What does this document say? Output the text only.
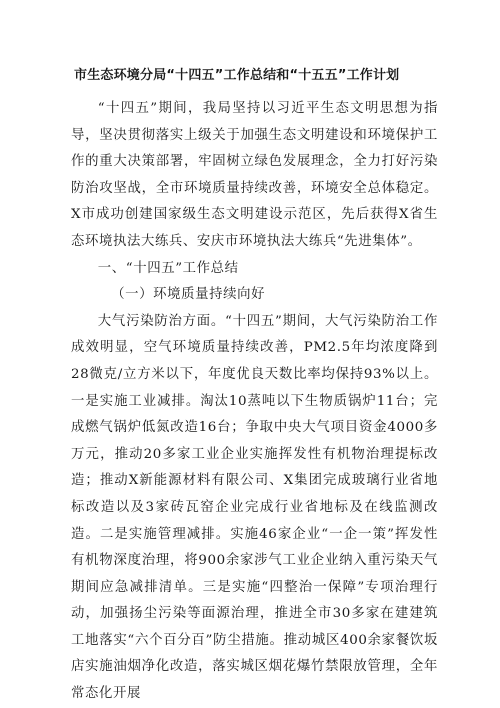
市生态环境分局“十四五”工作总结和“十五五”工作计划

“十四五”期间，我局坚持以习近平生态文明思想为指导，坚决贯彻落实上级关于加强生态文明建设和环境保护工作的重大决策部署，牢固树立绿色发展理念，全力打好污染防治攻坚战，全市环境质量持续改善，环境安全总体稳定。X市成功创建国家级生态文明建设示范区，先后获得X省生态环境执法大练兵、安庆市环境执法大练兵“先进集体”。

一、“十四五”工作总结

（一）环境质量持续向好

大气污染防治方面。“十四五”期间，大气污染防治工作成效明显，空气环境质量持续改善，PM2.5年均浓度降到28微克/立方米以下，年度优良天数比率均保持93%以上。一是实施工业减排。淘汰10蒸吨以下生物质锅炉11台；完成燃气锅炉低氮改造16台；争取中央大气项目资金4000多万元，推动20多家工业企业实施挥发性有机物治理提标改造；推动X新能源材料有限公司、X集团完成玻璃行业省地标改造以及3家砖瓦窑企业完成行业省地标及在线监测改造。二是实施管理减排。实施46家企业“一企一策”挥发性有机物深度治理，将900余家涉气工业企业纳入重污染天气期间应急减排清单。三是实施“四整治一保障”专项治理行动，加强扬尘污染等面源治理，推进全市30多家在建建筑工地落实“六个百分百”防尘措施。推动城区400余家餐饮坂店实施油烟净化改造，落实城区烟花爆竹禁限放管理，全年常态化开展
